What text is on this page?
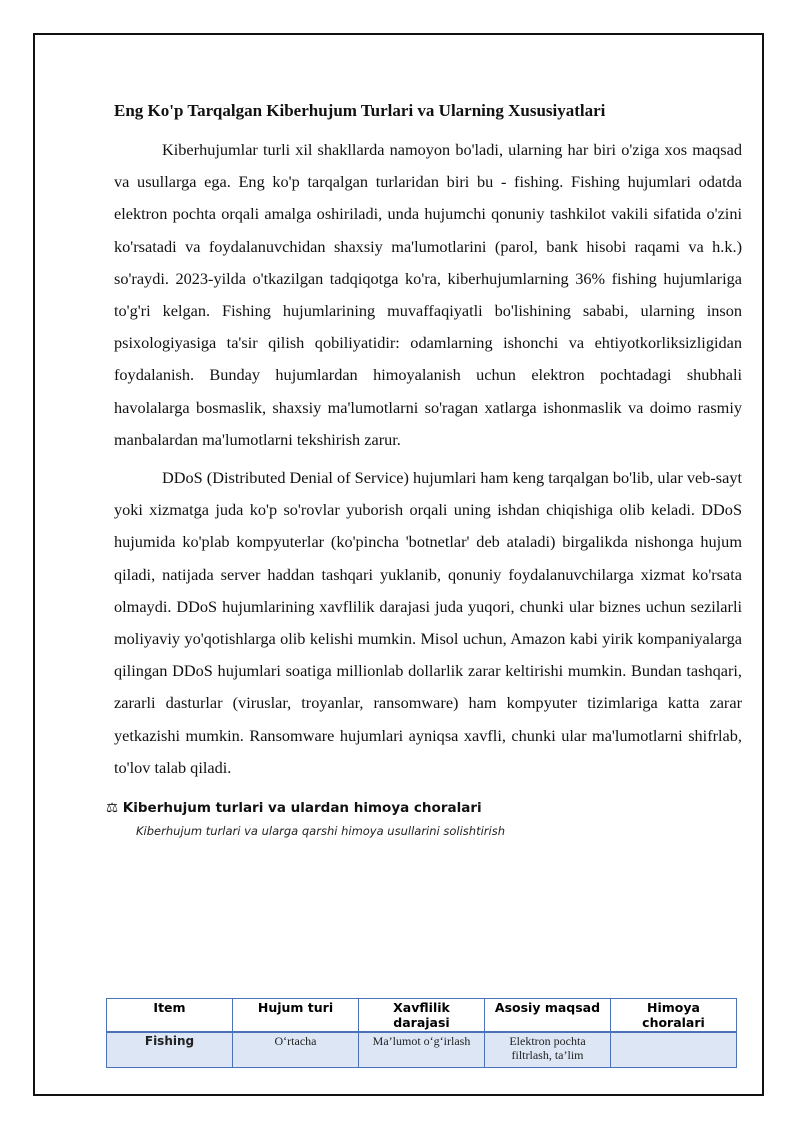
Eng Ko'p Tarqalgan Kiberhujum Turlari va Ularning Xususiyatlari

Kiberhujumlar turli xil shakllarda namoyon bo'ladi, ularning har biri o'ziga xos maqsad va usullarga ega. Eng ko'p tarqalgan turlaridan biri bu - fishing. Fishing hujumlari odatda elektron pochta orqali amalga oshiriladi, unda hujumchi qonuniy tashkilot vakili sifatida o'zini ko'rsatadi va foydalanuvchidan shaxsiy ma'lumotlarini (parol, bank hisobi raqami va h.k.) so'raydi. 2023-yilda o'tkazilgan tadqiqotga ko'ra, kiberhujumlarning 36% fishing hujumlariga to'g'ri kelgan. Fishing hujumlarining muvaffaqiyatli bo'lishining sababi, ularning inson psixologiyasiga ta'sir qilish qobiliyatidir: odamlarning ishonchi va ehtiyotkorliksizligidan foydalanish. Bunday hujumlardan himoyalanish uchun elektron pochtadagi shubhali havolalarga bosmaslik, shaxsiy ma'lumotlarni so'ragan xatlarga ishonmaslik va doimo rasmiy manbalardan ma'lumotlarni tekshirish zarur.

DDoS (Distributed Denial of Service) hujumlari ham keng tarqalgan bo'lib, ular veb-sayt yoki xizmatga juda ko'p so'rovlar yuborish orqali uning ishdan chiqishiga olib keladi. DDoS hujumida ko'plab kompyuterlar (ko'pincha 'botnetlar' deb ataladi) birgalikda nishonga hujum qiladi, natijada server haddan tashqari yuklanib, qonuniy foydalanuvchilarga xizmat ko'rsata olmaydi. DDoS hujumlarining xavflilik darajasi juda yuqori, chunki ular biznes uchun sezilarli moliyaviy yo'qotishlarga olib kelishi mumkin. Misol uchun, Amazon kabi yirik kompaniyalarga qilingan DDoS hujumlari soatiga millionlab dollarlik zarar keltirishi mumkin. Bundan tashqari, zararli dasturlar (viruslar, troyanlar, ransomware) ham kompyuter tizimlariga katta zarar yetkazishi mumkin. Ransomware hujumlari ayniqsa xavfli, chunki ular ma'lumotlarni shifrlab, to'lov talab qiladi.

⚖ Kiberhujum turlari va ulardan himoya choralari
Kiberhujum turlari va ularga qarshi himoya usullarini solishtirish
Item	Hujum turi	Xavflilik darajasi	Asosiy maqsad	Himoya choralari
Fishing	O‘rtacha	Ma’lumot o‘g‘irlash	Elektron pochta filtrlash, ta’lim	
